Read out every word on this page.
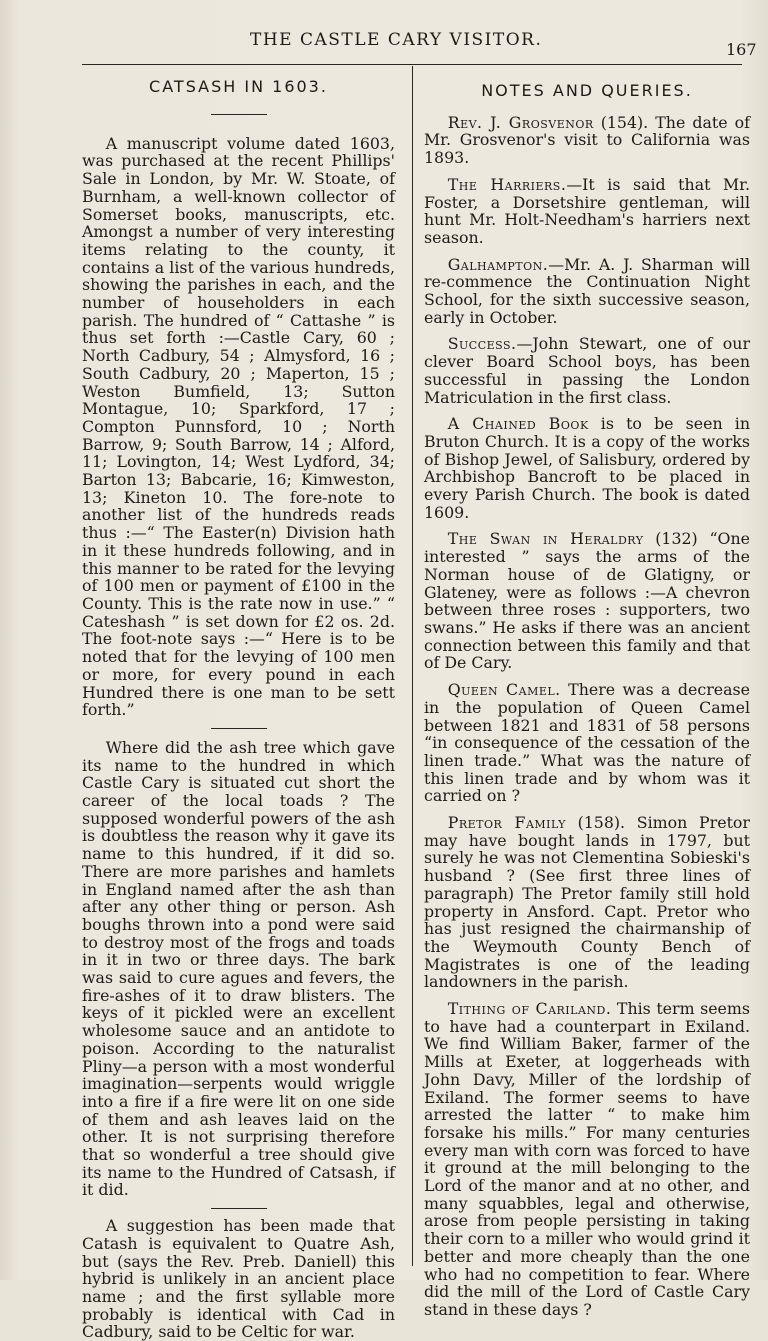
THE CASTLE CARY VISITOR.	167
CATSASH IN 1603.

A manuscript volume dated 1603, was purchased at the recent Phillips' Sale in London, by Mr. W. Stoate, of Burnham, a well-known collector of Somerset books, manuscripts, etc. Amongst a number of very interesting items relating to the county, it contains a list of the various hundreds, showing the parishes in each, and the number of householders in each parish. The hundred of “ Cattashe ” is thus set forth :—Castle Cary, 60 ; North Cadbury, 54 ; Almysford, 16 ; South Cadbury, 20 ; Maperton, 15 ; Weston Bumfield, 13; Sutton Montague, 10; Sparkford, 17 ; Compton Punnsford, 10 ; North Barrow, 9; South Barrow, 14 ; Alford, 11; Lovington, 14; West Lydford, 34; Barton 13; Babcarie, 16; Kimweston, 13; Kineton 10. The fore-note to another list of the hundreds reads thus :—“ The Easter(n) Division hath in it these hundreds following, and in this manner to be rated for the levying of 100 men or payment of £100 in the County. This is the rate now in use.” “ Cateshash ” is set down for £2 os. 2d. The foot-note says :—“ Here is to be noted that for the levying of 100 men or more, for every pound in each Hundred there is one man to be sett forth.”

Where did the ash tree which gave its name to the hundred in which Castle Cary is situated cut short the career of the local toads ? The supposed wonderful powers of the ash is doubtless the reason why it gave its name to this hundred, if it did so. There are more parishes and hamlets in England named after the ash than after any other thing or person. Ash boughs thrown into a pond were said to destroy most of the frogs and toads in it in two or three days. The bark was said to cure agues and fevers, the fire-ashes of it to draw blisters. The keys of it pickled were an excellent wholesome sauce and an antidote to poison. According to the naturalist Pliny—a person with a most wonderful imagination—serpents would wriggle into a fire if a fire were lit on one side of them and ash leaves laid on the other. It is not surprising therefore that so wonderful a tree should give its name to the Hundred of Catsash, if it did.

A suggestion has been made that Catash is equivalent to Quatre Ash, but (says the Rev. Preb. Daniell) this hybrid is unlikely in an ancient place name ; and the first syllable more probably is identical with Cad in Cadbury, said to be Celtic for war.

NOTES AND QUERIES.

Rev. J. Grosvenor (154). The date of Mr. Grosvenor's visit to California was 1893.

The Harriers.—It is said that Mr. Foster, a Dorsetshire gentleman, will hunt Mr. Holt-Needham's harriers next season.

Galhampton.—Mr. A. J. Sharman will re-commence the Continuation Night School, for the sixth successive season, early in October.

Success.—John Stewart, one of our clever Board School boys, has been successful in passing the London Matriculation in the first class.

A Chained Book is to be seen in Bruton Church. It is a copy of the works of Bishop Jewel, of Salisbury, ordered by Archbishop Bancroft to be placed in every Parish Church. The book is dated 1609.

The Swan in Heraldry (132) “One interested ” says the arms of the Norman house of de Glatigny, or Glateney, were as follows :—A chevron between three roses : supporters, two swans.” He asks if there was an ancient connection between this family and that of De Cary.

Queen Camel. There was a decrease in the population of Queen Camel between 1821 and 1831 of 58 persons “in consequence of the cessation of the linen trade.” What was the nature of this linen trade and by whom was it carried on ?

Pretor Family (158). Simon Pretor may have bought lands in 1797, but surely he was not Clementina Sobieski's husband ? (See first three lines of paragraph) The Pretor family still hold property in Ansford. Capt. Pretor who has just resigned the chairmanship of the Weymouth County Bench of Magistrates is one of the leading landowners in the parish.

Tithing of Cariland. This term seems to have had a counterpart in Exiland. We find William Baker, farmer of the Mills at Exeter, at loggerheads with John Davy, Miller of the lordship of Exiland. The former seems to have arrested the latter “ to make him forsake his mills.” For many centuries every man with corn was forced to have it ground at the mill belonging to the Lord of the manor and at no other, and many squabbles, legal and otherwise, arose from people persisting in taking their corn to a miller who would grind it better and more cheaply than the one who had no competition to fear. Where did the mill of the Lord of Castle Cary stand in these days ?
